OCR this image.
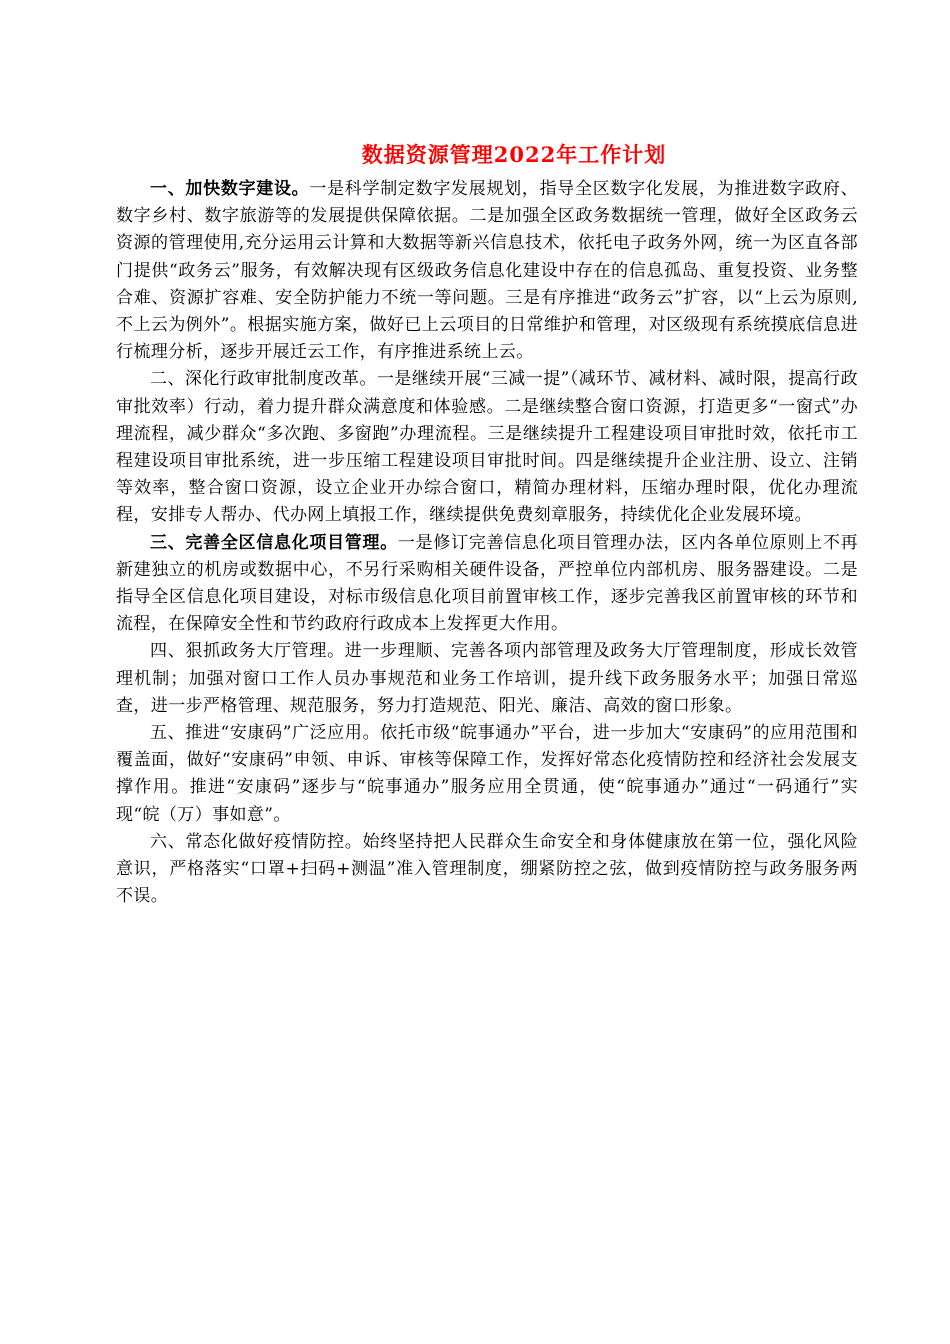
数据资源管理2022年工作计划

一、加快数字建设。一是科学制定数字发展规划，指导全区数字化发展，为推进数字政府、数字乡村、数字旅游等的发展提供保障依据。二是加强全区政务数据统一管理，做好全区政务云资源的管理使用,充分运用云计算和大数据等新兴信息技术，依托电子政务外网，统一为区直各部门提供“政务云”服务，有效解决现有区级政务信息化建设中存在的信息孤岛、重复投资、业务整合难、资源扩容难、安全防护能力不统一等问题。三是有序推进“政务云”扩容，以“上云为原则,不上云为例外”。根据实施方案，做好已上云项目的日常维护和管理，对区级现有系统摸底信息进行梳理分析，逐步开展迁云工作，有序推进系统上云。

二、深化行政审批制度改革。一是继续开展“三减一提”（减环节、减材料、减时限，提高行政审批效率）行动，着力提升群众满意度和体验感。二是继续整合窗口资源，打造更多“一窗式”办理流程，减少群众“多次跑、多窗跑”办理流程。三是继续提升工程建设项目审批时效，依托市工程建设项目审批系统，进一步压缩工程建设项目审批时间。四是继续提升企业注册、设立、注销等效率，整合窗口资源，设立企业开办综合窗口，精简办理材料，压缩办理时限，优化办理流程，安排专人帮办、代办网上填报工作，继续提供免费刻章服务，持续优化企业发展环境。

三、完善全区信息化项目管理。一是修订完善信息化项目管理办法，区内各单位原则上不再新建独立的机房或数据中心，不另行采购相关硬件设备，严控单位内部机房、服务器建设。二是指导全区信息化项目建设，对标市级信息化项目前置审核工作，逐步完善我区前置审核的环节和流程，在保障安全性和节约政府行政成本上发挥更大作用。

四、狠抓政务大厅管理。进一步理顺、完善各项内部管理及政务大厅管理制度，形成长效管理机制；加强对窗口工作人员办事规范和业务工作培训，提升线下政务服务水平；加强日常巡查，进一步严格管理、规范服务，努力打造规范、阳光、廉洁、高效的窗口形象。

五、推进“安康码”广泛应用。依托市级“皖事通办”平台，进一步加大“安康码”的应用范围和覆盖面，做好“安康码”申领、申诉、审核等保障工作，发挥好常态化疫情防控和经济社会发展支撑作用。推进“安康码”逐步与“皖事通办”服务应用全贯通，使“皖事通办”通过“一码通行”实现“皖（万）事如意”。

六、常态化做好疫情防控。始终坚持把人民群众生命安全和身体健康放在第一位，强化风险意识，严格落实“口罩+扫码+测温”准入管理制度，绷紧防控之弦，做到疫情防控与政务服务两不误。
